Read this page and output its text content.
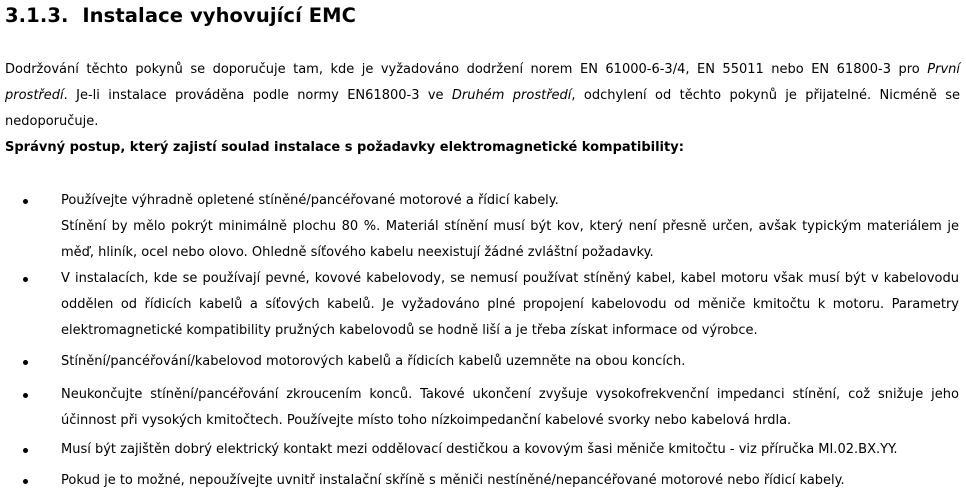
3.1.3. Instalace vyhovující EMC

Dodržování těchto pokynů se doporučuje tam, kde je vyžadováno dodržení norem EN 61000-6-3/4, EN 55011 nebo EN 61800-3 pro První prostředí. Je-li instalace prováděna podle normy EN61800-3 ve Druhém prostředí, odchylení od těchto pokynů je přijatelné. Nicméně se nedoporučuje.

Správný postup, který zajistí soulad instalace s požadavky elektromagnetické kompatibility:

Používejte výhradně opletené stíněné/pancéřované motorové a řídicí kabely.
Stínění by mělo pokrýt minimálně plochu 80 %. Materiál stínění musí být kov, který není přesně určen, avšak typickým materiálem je měď, hliník, ocel nebo olovo. Ohledně síťového kabelu neexistují žádné zvláštní požadavky.

V instalacích, kde se používají pevné, kovové kabelovody, se nemusí používat stíněný kabel, kabel motoru však musí být v kabelovodu oddělen od řídicích kabelů a síťových kabelů. Je vyžadováno plné propojení kabelovodu od měniče kmitočtu k motoru. Parametry elektromagnetické kompatibility pružných kabelovodů se hodně liší a je třeba získat informace od výrobce.

Stínění/pancéřování/kabelovod motorových kabelů a řídicích kabelů uzemněte na obou koncích.

Neukončujte stínění/pancéřování zkroucením konců. Takové ukončení zvyšuje vysokofrekvenční impedanci stínění, což snižuje jeho účinnost při vysokých kmitočtech. Používejte místo toho nízkoimpedanční kabelové svorky nebo kabelová hrdla.

Musí být zajištěn dobrý elektrický kontakt mezi oddělovací destičkou a kovovým šasi měniče kmitočtu - viz příručka MI.02.BX.YY.

Pokud je to možné, nepoužívejte uvnitř instalační skříně s měniči nestíněné/nepancéřované motorové nebo řídicí kabely.
